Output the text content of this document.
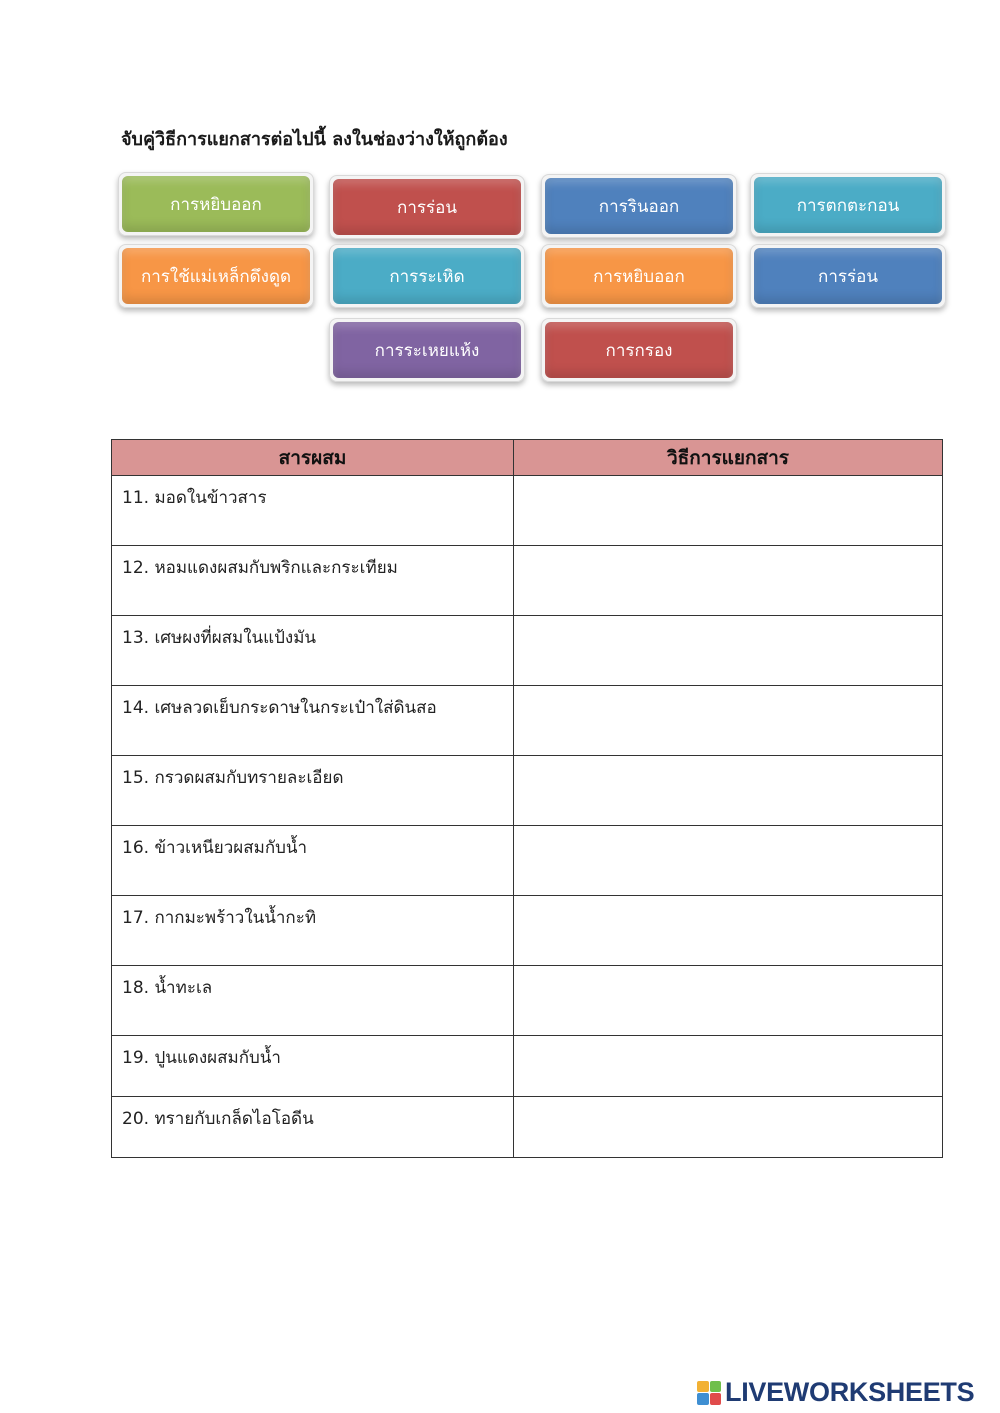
จับคู่วิธีการแยกสารต่อไปนี้ ลงในช่องว่างให้ถูกต้อง
การหยิบออก	การร่อน	การรินออก	การตกตะกอน
การใช้แม่เหล็กดึงดูด	การระเหิด	การหยิบออก	การร่อน
การระเหยแห้ง	การกรอง
สารผสม	วิธีการแยกสาร
11. มอดในข้าวสาร	
12. หอมแดงผสมกับพริกและกระเทียม	
13. เศษผงที่ผสมในแป้งมัน	
14. เศษลวดเย็บกระดาษในกระเป๋าใส่ดินสอ	
15. กรวดผสมกับทรายละเอียด	
16. ข้าวเหนียวผสมกับน้ำ	
17. กากมะพร้าวในน้ำกะทิ	
18. น้ำทะเล	
19. ปูนแดงผสมกับน้ำ	
20. ทรายกับเกล็ดไอโอดีน	
LIVEWORKSHEETS
